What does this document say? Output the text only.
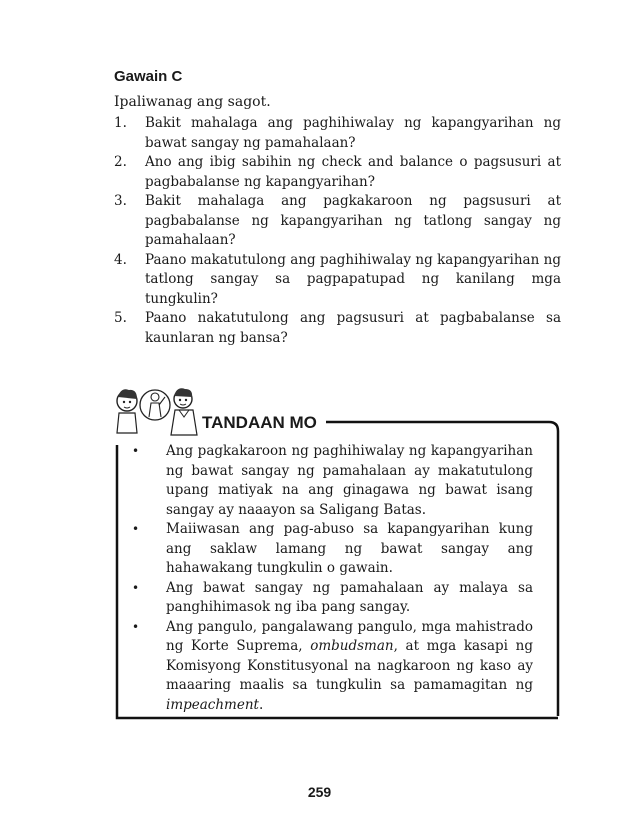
Gawain C
Ipaliwanag ang sagot.
1. Bakit mahalaga ang paghihiwalay ng kapangyarihan ng bawat sangay ng pamahalaan?
2. Ano ang ibig sabihin ng check and balance o pagsusuri at pagbabalanse ng kapangyarihan?
3. Bakit mahalaga ang pagkakaroon ng pagsusuri at pagbabalanse ng kapangyarihan ng tatlong sangay ng pamahalaan?
4. Paano makatutulong ang paghihiwalay ng kapangyarihan ng tatlong sangay sa pagpapatupad ng kanilang mga tungkulin?
5. Paano nakatutulong ang pagsusuri at pagbabalanse sa kaunlaran ng bansa?
TANDAAN MO
• Ang pagkakaroon ng paghihiwalay ng kapangyarihan ng bawat sangay ng pamahalaan ay makatutulong upang matiyak na ang ginagawa ng bawat isang sangay ay naaayon sa Saligang Batas.
• Maiiwasan ang pag-abuso sa kapangyarihan kung ang saklaw lamang ng bawat sangay ang hahawakang tungkulin o gawain.
• Ang bawat sangay ng pamahalaan ay malaya sa panghihimasok ng iba pang sangay.
• Ang pangulo, pangalawang pangulo, mga mahistrado ng Korte Suprema, ombudsman, at mga kasapi ng Komisyong Konstitusyonal na nagkaroon ng kaso ay maaaring maalis sa tungkulin sa pamamagitan ng impeachment.
259
